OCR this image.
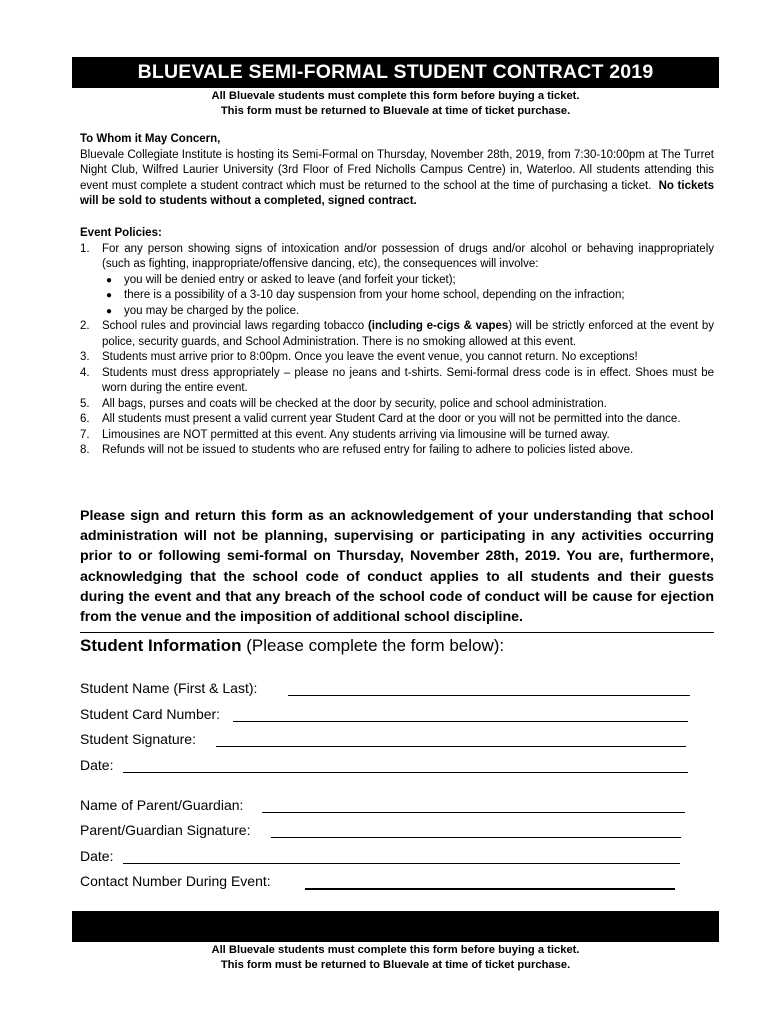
BLUEVALE SEMI-FORMAL STUDENT CONTRACT 2019
All Bluevale students must complete this form before buying a ticket.
This form must be returned to Bluevale at time of ticket purchase.
To Whom it May Concern,
Bluevale Collegiate Institute is hosting its Semi-Formal on Thursday, November 28th, 2019, from 7:30-10:00pm at The Turret Night Club, Wilfred Laurier University (3rd Floor of Fred Nicholls Campus Centre) in, Waterloo. All students attending this event must complete a student contract which must be returned to the school at the time of purchasing a ticket. No tickets will be sold to students without a completed, signed contract.
Event Policies:
1. For any person showing signs of intoxication and/or possession of drugs and/or alcohol or behaving inappropriately (such as fighting, inappropriate/offensive dancing, etc), the consequences will involve:
● you will be denied entry or asked to leave (and forfeit your ticket);
● there is a possibility of a 3-10 day suspension from your home school, depending on the infraction;
● you may be charged by the police.
2. School rules and provincial laws regarding tobacco (including e-cigs & vapes) will be strictly enforced at the event by police, security guards, and School Administration. There is no smoking allowed at this event.
3. Students must arrive prior to 8:00pm. Once you leave the event venue, you cannot return. No exceptions!
4. Students must dress appropriately – please no jeans and t-shirts. Semi-formal dress code is in effect. Shoes must be worn during the entire event.
5. All bags, purses and coats will be checked at the door by security, police and school administration.
6. All students must present a valid current year Student Card at the door or you will not be permitted into the dance.
7. Limousines are NOT permitted at this event. Any students arriving via limousine will be turned away.
8. Refunds will not be issued to students who are refused entry for failing to adhere to policies listed above.
Please sign and return this form as an acknowledgement of your understanding that school administration will not be planning, supervising or participating in any activities occurring prior to or following semi-formal on Thursday, November 28th, 2019. You are, furthermore, acknowledging that the school code of conduct applies to all students and their guests during the event and that any breach of the school code of conduct will be cause for ejection from the venue and the imposition of additional school discipline.
Student Information (Please complete the form below):
Student Name (First & Last):
Student Card Number:
Student Signature:
Date:
Name of Parent/Guardian:
Parent/Guardian Signature:
Date:
Contact Number During Event:
All Bluevale students must complete this form before buying a ticket.
This form must be returned to Bluevale at time of ticket purchase.
